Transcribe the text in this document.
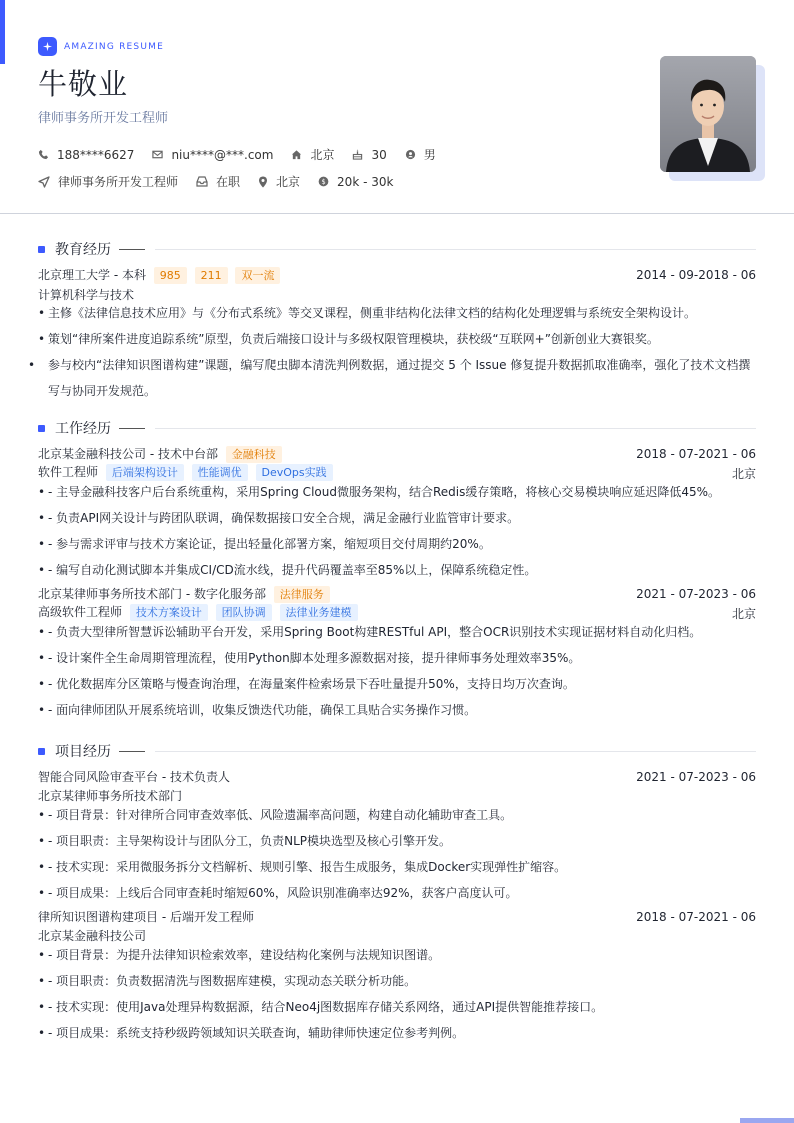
AMAZING RESUME
牛敬业
律师事务所开发工程师
188****6627	niu****@***.com	北京	30	男
律师事务所开发工程师	在职	北京	$ 20k - 30k
教育经历
北京理工大学 - 本科 985 211 双一流	2014 - 09-2018 - 06
计算机科学与技术
• 主修《法律信息技术应用》与《分布式系统》等交叉课程，侧重非结构化法律文档的结构化处理逻辑与系统安全架构设计。
• 策划“律所案件进度追踪系统”原型，负责后端接口设计与多级权限管理模块，获校级“互联网+”创新创业大赛银奖。
• 参与校内“法律知识图谱构建”课题，编写爬虫脚本清洗判例数据，通过提交 5 个 Issue 修复提升数据抓取准确率，强化了技术文档撰写与协同开发规范。
工作经历
北京某金融科技公司 - 技术中台部 金融科技	2018 - 07-2021 - 06
软件工程师 后端架构设计 性能调优 DevOps实践	北京
• - 主导金融科技客户后台系统重构，采用Spring Cloud微服务架构，结合Redis缓存策略，将核心交易模块响应延迟降低45%。
• - 负责API网关设计与跨团队联调，确保数据接口安全合规，满足金融行业监管审计要求。
• - 参与需求评审与技术方案论证，提出轻量化部署方案，缩短项目交付周期约20%。
• - 编写自动化测试脚本并集成CI/CD流水线，提升代码覆盖率至85%以上，保障系统稳定性。
北京某律师事务所技术部门 - 数字化服务部 法律服务	2021 - 07-2023 - 06
高级软件工程师 技术方案设计 团队协调 法律业务建模	北京
• - 负责大型律所智慧诉讼辅助平台开发，采用Spring Boot构建RESTful API，整合OCR识别技术实现证据材料自动化归档。
• - 设计案件全生命周期管理流程，使用Python脚本处理多源数据对接，提升律师事务处理效率35%。
• - 优化数据库分区策略与慢查询治理，在海量案件检索场景下吞吐量提升50%，支持日均万次查询。
• - 面向律师团队开展系统培训，收集反馈迭代功能，确保工具贴合实务操作习惯。
项目经历
智能合同风险审查平台 - 技术负责人	2021 - 07-2023 - 06
北京某律师事务所技术部门
• - 项目背景：针对律所合同审查效率低、风险遗漏率高问题，构建自动化辅助审查工具。
• - 项目职责：主导架构设计与团队分工，负责NLP模块选型及核心引擎开发。
• - 技术实现：采用微服务拆分文档解析、规则引擎、报告生成服务，集成Docker实现弹性扩缩容。
• - 项目成果：上线后合同审查耗时缩短60%，风险识别准确率达92%，获客户高度认可。
律所知识图谱构建项目 - 后端开发工程师	2018 - 07-2021 - 06
北京某金融科技公司
• - 项目背景：为提升法律知识检索效率，建设结构化案例与法规知识图谱。
• - 项目职责：负责数据清洗与图数据库建模，实现动态关联分析功能。
• - 技术实现：使用Java处理异构数据源，结合Neo4j图数据库存储关系网络，通过API提供智能推荐接口。
• - 项目成果：系统支持秒级跨领域知识关联查询，辅助律师快速定位参考判例。
